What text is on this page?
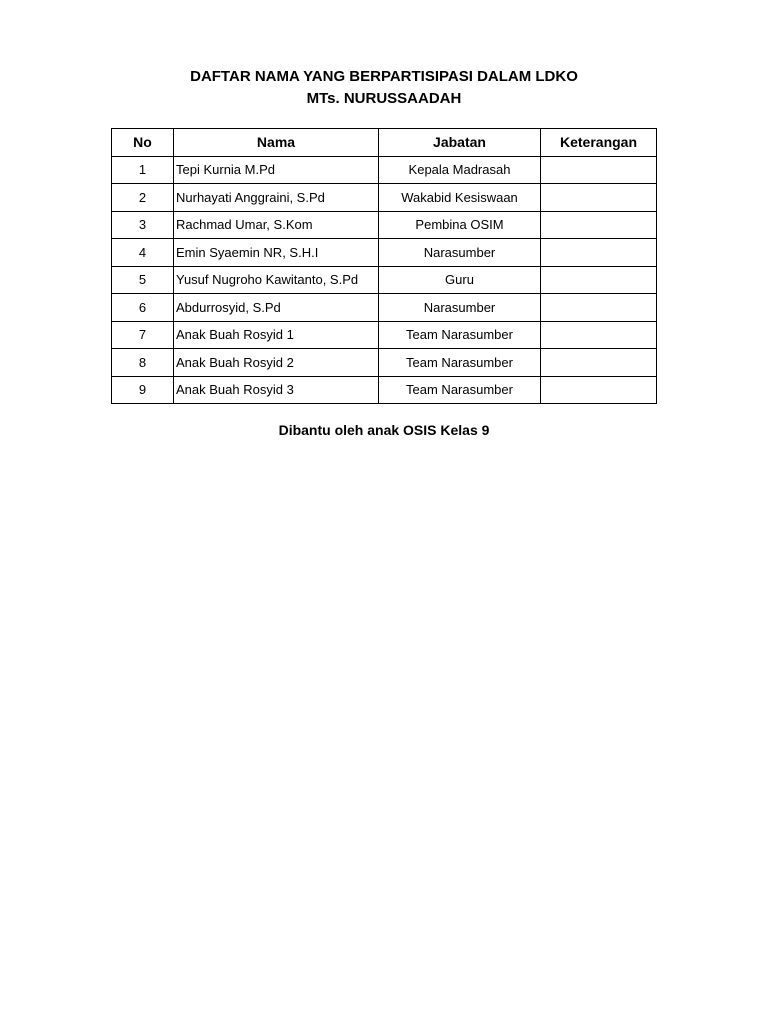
DAFTAR NAMA YANG BERPARTISIPASI DALAM LDKO
MTs. NURUSSAADAH
No	Nama	Jabatan	Keterangan
1	Tepi Kurnia M.Pd	Kepala Madrasah	
2	Nurhayati Anggraini, S.Pd	Wakabid Kesiswaan	
3	Rachmad Umar, S.Kom	Pembina OSIM	
4	Emin Syaemin NR, S.H.I	Narasumber	
5	Yusuf Nugroho Kawitanto, S.Pd	Guru	
6	Abdurrosyid, S.Pd	Narasumber	
7	Anak Buah Rosyid 1	Team Narasumber	
8	Anak Buah Rosyid 2	Team Narasumber	
9	Anak Buah Rosyid 3	Team Narasumber	
Dibantu oleh anak OSIS Kelas 9
